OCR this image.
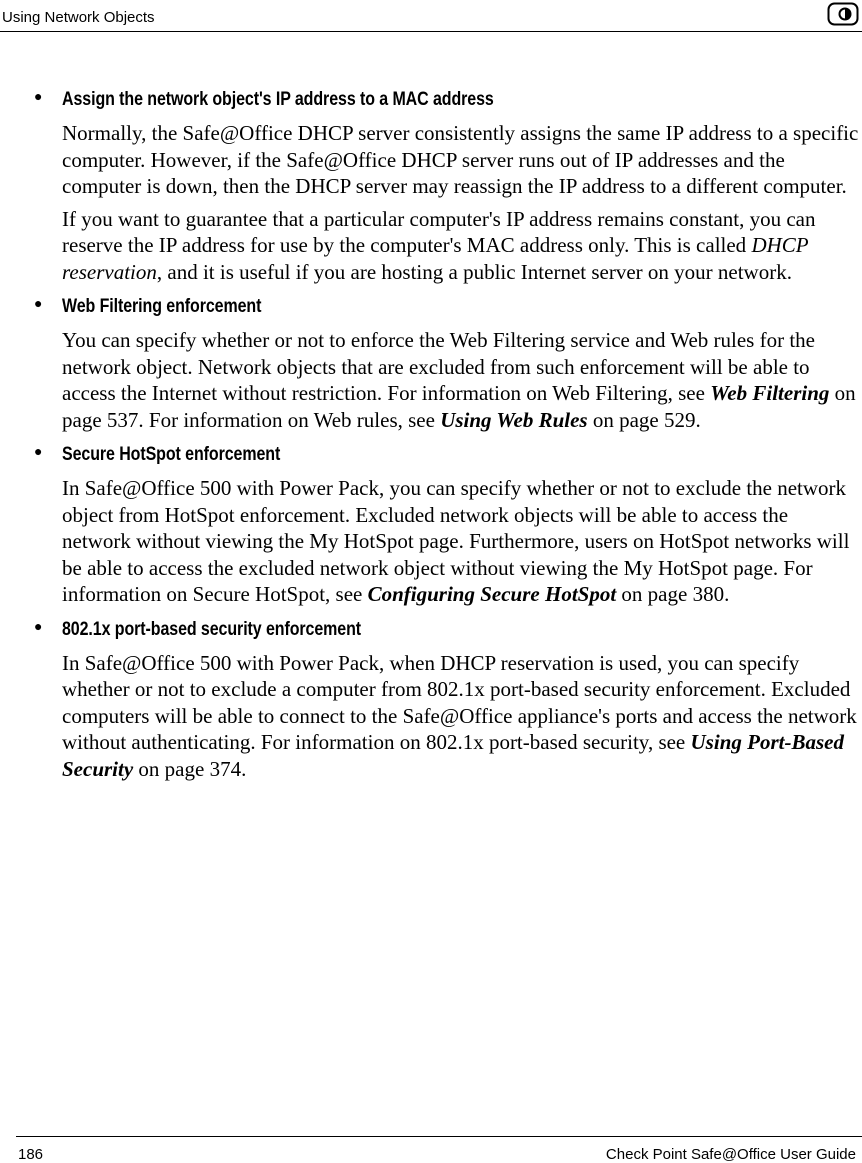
Using Network Objects
● Assign the network object's IP address to a MAC address

Normally, the Safe@Office DHCP server consistently assigns the same IP address to a specific computer. However, if the Safe@Office DHCP server runs out of IP addresses and the computer is down, then the DHCP server may reassign the IP address to a different computer.

If you want to guarantee that a particular computer's IP address remains constant, you can reserve the IP address for use by the computer's MAC address only. This is called DHCP reservation, and it is useful if you are hosting a public Internet server on your network.

● Web Filtering enforcement

You can specify whether or not to enforce the Web Filtering service and Web rules for the network object. Network objects that are excluded from such enforcement will be able to access the Internet without restriction. For information on Web Filtering, see Web Filtering on page 537. For information on Web rules, see Using Web Rules on page 529.

● Secure HotSpot enforcement

In Safe@Office 500 with Power Pack, you can specify whether or not to exclude the network object from HotSpot enforcement. Excluded network objects will be able to access the network without viewing the My HotSpot page. Furthermore, users on HotSpot networks will be able to access the excluded network object without viewing the My HotSpot page. For information on Secure HotSpot, see Configuring Secure HotSpot on page 380.

● 802.1x port-based security enforcement

In Safe@Office 500 with Power Pack, when DHCP reservation is used, you can specify whether or not to exclude a computer from 802.1x port-based security enforcement. Excluded computers will be able to connect to the Safe@Office appliance's ports and access the network without authenticating. For information on 802.1x port-based security, see Using Port-Based Security on page 374.

186	Check Point Safe@Office User Guide
